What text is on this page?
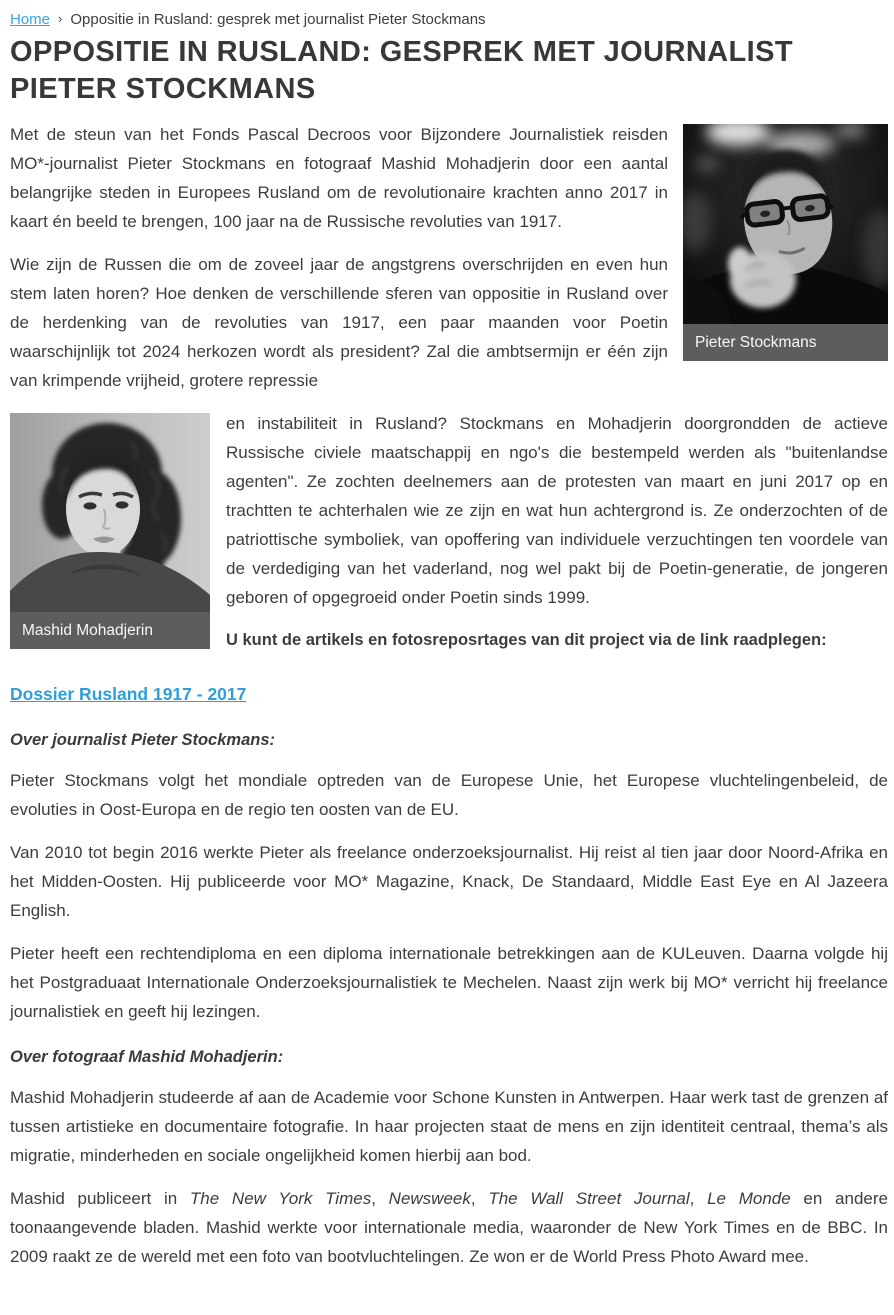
Home › Oppositie in Rusland: gesprek met journalist Pieter Stockmans
OPPOSITIE IN RUSLAND: GESPREK MET JOURNALIST PIETER STOCKMANS
Pieter Stockmans

Met de steun van het Fonds Pascal Decroos voor Bijzondere Journalistiek reisden MO*-journalist Pieter Stockmans en fotograaf Mashid Mohadjerin door een aantal belangrijke steden in Europees Rusland om de revolutionaire krachten anno 2017 in kaart én beeld te brengen, 100 jaar na de Russische revoluties van 1917.

Wie zijn de Russen die om de zoveel jaar de angstgrens overschrijden en even hun stem laten horen? Hoe denken de verschillende sferen van oppositie in Rusland over de herdenking van de revoluties van 1917, een paar maanden voor Poetin waarschijnlijk tot 2024 herkozen wordt als president? Zal die ambtsermijn er één zijn van krimpende vrijheid, grotere repressie

Mashid Mohadjerin

en instabiliteit in Rusland? Stockmans en Mohadjerin doorgrondden de actieve Russische civiele maatschappij en ngo's die bestempeld werden als "buitenlandse agenten". Ze zochten deelnemers aan de protesten van maart en juni 2017 op en trachtten te achterhalen wie ze zijn en wat hun achtergrond is. Ze onderzochten of de patriottische symboliek, van opoffering van individuele verzuchtingen ten voordele van de verdediging van het vaderland, nog wel pakt bij de Poetin-generatie, de jongeren geboren of opgegroeid onder Poetin sinds 1999.

U kunt de artikels en fotosreposrtages van dit project via de link raadplegen:

Dossier Rusland 1917 - 2017

Over journalist Pieter Stockmans:

Pieter Stockmans volgt het mondiale optreden van de Europese Unie, het Europese vluchtelingenbeleid, de evoluties in Oost-Europa en de regio ten oosten van de EU.

Van 2010 tot begin 2016 werkte Pieter als freelance onderzoeksjournalist. Hij reist al tien jaar door Noord-Afrika en het Midden-Oosten. Hij publiceerde voor MO* Magazine, Knack, De Standaard, Middle East Eye en Al Jazeera English.

Pieter heeft een rechtendiploma en een diploma internationale betrekkingen aan de KULeuven. Daarna volgde hij het Postgraduaat Internationale Onderzoeksjournalistiek te Mechelen. Naast zijn werk bij MO* verricht hij freelance journalistiek en geeft hij lezingen.

Over fotograaf Mashid Mohadjerin:

Mashid Mohadjerin studeerde af aan de Academie voor Schone Kunsten in Antwerpen. Haar werk tast de grenzen af tussen artistieke en documentaire fotografie. In haar projecten staat de mens en zijn identiteit centraal, thema’s als migratie, minderheden en sociale ongelijkheid komen hierbij aan bod.

Mashid publiceert in The New York Times, Newsweek, The Wall Street Journal, Le Monde en andere toonaangevende bladen. Mashid werkte voor internationale media, waaronder de New York Times en de BBC. In 2009 raakt ze de wereld met een foto van bootvluchtelingen. Ze won er de World Press Photo Award mee.
